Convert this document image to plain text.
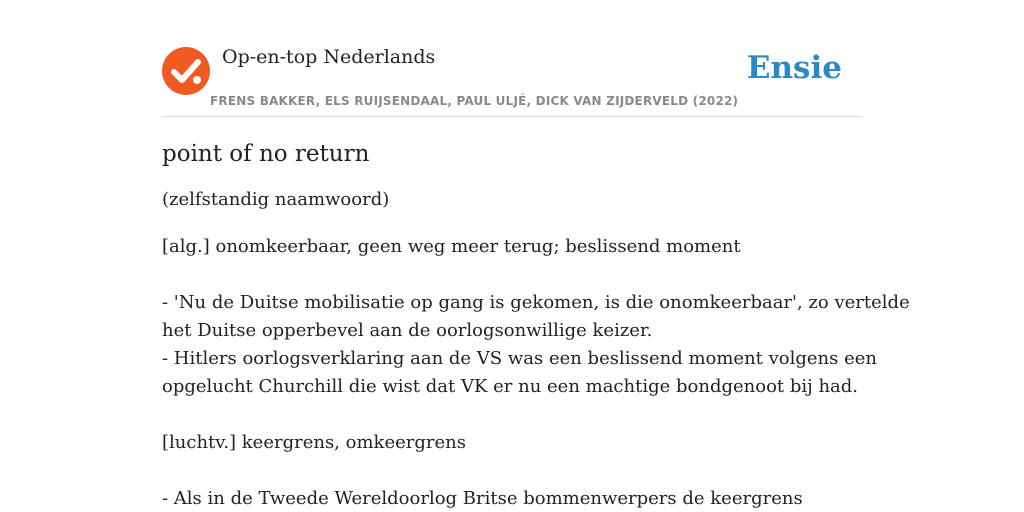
Op-en-top Nederlands
FRENS BAKKER, ELS RUIJSENDAAL, PAUL ULJÉ, DICK VAN ZIJDERVELD (2022)
Ensie
point of no return
(zelfstandig naamwoord)
[alg.] onomkeerbaar, geen weg meer terug; beslissend moment
- 'Nu de Duitse mobilisatie op gang is gekomen, is die onomkeerbaar', zo vertelde
het Duitse opperbevel aan de oorlogsonwillige keizer.
- Hitlers oorlogsverklaring aan de VS was een beslissend moment volgens een
opgelucht Churchill die wist dat VK er nu een machtige bondgenoot bij had.
[luchtv.] keergrens, omkeergrens
- Als in de Tweede Wereldoorlog Britse bommenwerpers de keergrens
